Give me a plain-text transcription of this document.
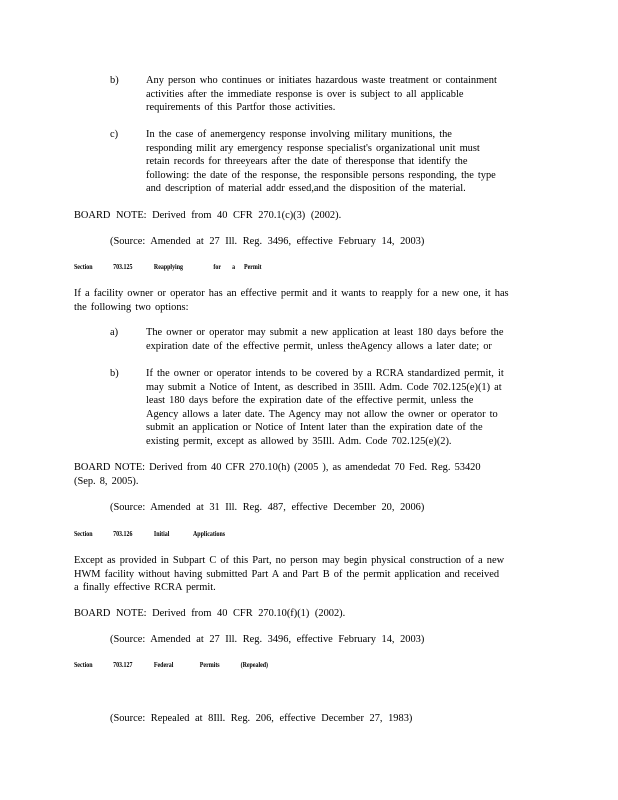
b)	Any person who continues or initiates hazardous waste treatment or containment
activities after the immediate response is over is subject to all applicable
requirements of this Partfor those activities.
c)	In the case of anemergency response involving military munitions, the
responding milit ary emergency response specialist's organizational unit must
retain records for threeyears after the date of theresponse that identify the
following: the date of the response, the responsible persons responding, the type
and description of material addr essed,and the disposition of the material.
BOARD NOTE: Derived from 40 CFR 270.1(c)(3) (2002).
(Source: Amended at 27 Ill. Reg. 3496, effective February 14, 2003)
Section	703.125	Reapplying	for a Permit
If a facility owner or operator has an effective permit and it wants to reapply for a new one, it has
the following two options:
a)	The owner or operator may submit a new application at least 180 days before the
expiration date of the effective permit, unless theAgency allows a later date; or
b)	If the owner or operator intends to be covered by a RCRA standardized permit, it
may submit a Notice of Intent, as described in 35Ill. Adm. Code 702.125(e)(1) at
least 180 days before the expiration date of the effective permit, unless the
Agency allows a later date. The Agency may not allow the owner or operator to
submit an application or Notice of Intent later than the expiration date of the
existing permit, except as allowed by 35Ill. Adm. Code 702.125(e)(2).
BOARD NOTE: Derived from 40 CFR 270.10(h) (2005 ), as amendedat 70 Fed. Reg. 53420
(Sep. 8, 2005).
(Source: Amended at 31 Ill. Reg. 487, effective December 20, 2006)
Section	703.126	Initial	Applications
Except as provided in Subpart C of this Part, no person may begin physical construction of a new
HWM facility without having submitted Part A and Part B of the permit application and received
a finally effective RCRA permit.
BOARD NOTE: Derived from 40 CFR 270.10(f)(1) (2002).
(Source: Amended at 27 Ill. Reg. 3496, effective February 14, 2003)
Section	703.127	Federal	Permits	(Repealed)
(Source: Repealed at 8Ill. Reg. 206, effective December 27, 1983)
